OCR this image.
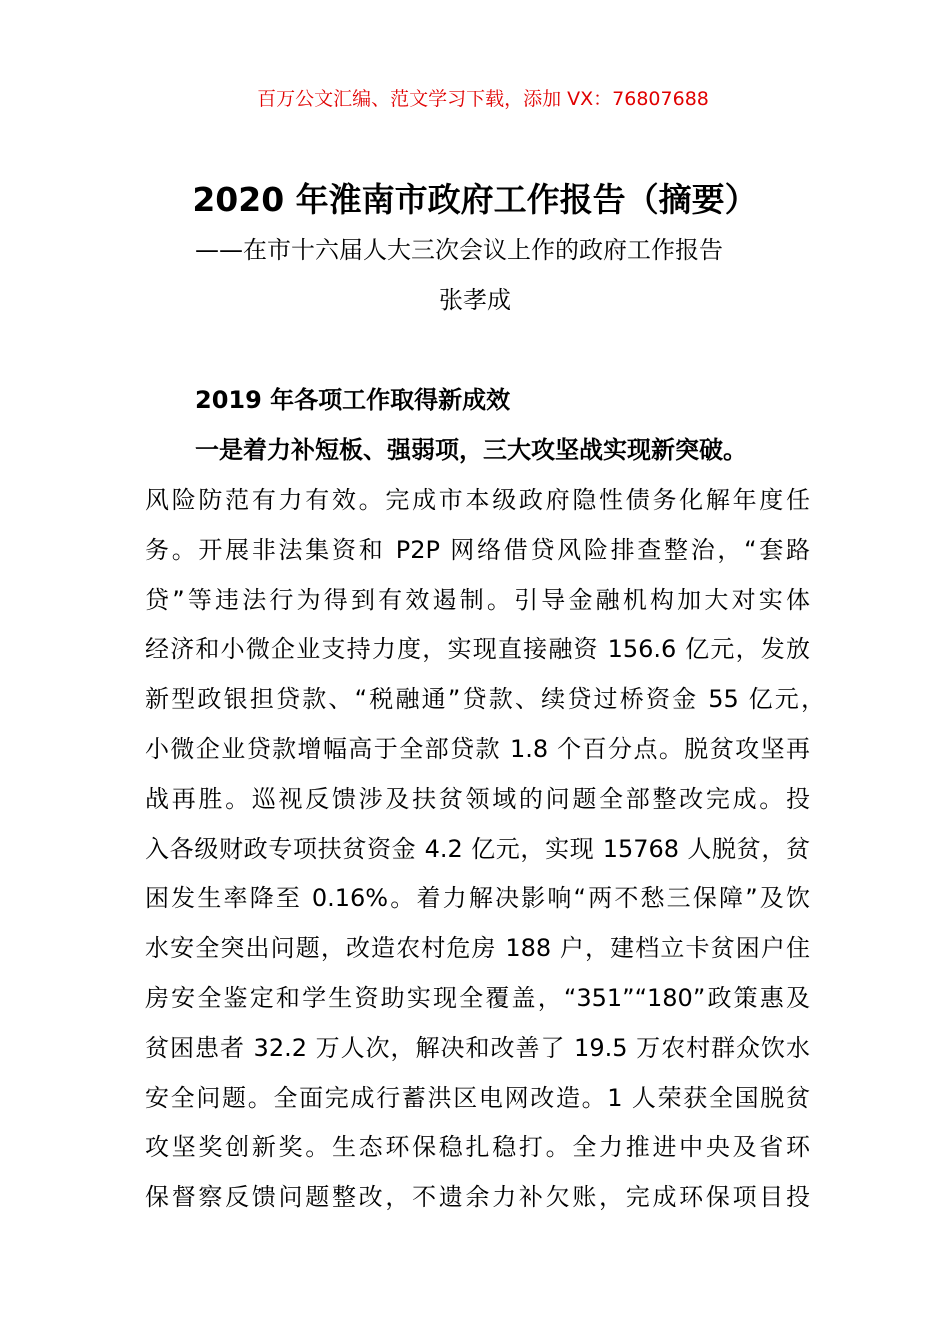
百万公文汇编、范文学习下载，添加 VX：76807688
2020 年淮南市政府工作报告（摘要）
——在市十六届人大三次会议上作的政府工作报告
张孝成
2019 年各项工作取得新成效
一是着力补短板、强弱项，三大攻坚战实现新突破。
风险防范有力有效。完成市本级政府隐性债务化解年度任
务。开展非法集资和 P2P 网络借贷风险排查整治，“套路
贷”等违法行为得到有效遏制。引导金融机构加大对实体
经济和小微企业支持力度，实现直接融资 156.6 亿元，发放
新型政银担贷款、“税融通”贷款、续贷过桥资金 55 亿元，
小微企业贷款增幅高于全部贷款 1.8 个百分点。脱贫攻坚再
战再胜。巡视反馈涉及扶贫领域的问题全部整改完成。投
入各级财政专项扶贫资金 4.2 亿元，实现 15768 人脱贫，贫
困发生率降至 0.16%。着力解决影响“两不愁三保障”及饮
水安全突出问题，改造农村危房 188 户，建档立卡贫困户住
房安全鉴定和学生资助实现全覆盖，“351”“180”政策惠及
贫困患者 32.2 万人次，解决和改善了 19.5 万农村群众饮水
安全问题。全面完成行蓄洪区电网改造。1 人荣获全国脱贫
攻坚奖创新奖。生态环保稳扎稳打。全力推进中央及省环
保督察反馈问题整改，不遗余力补欠账，完成环保项目投
